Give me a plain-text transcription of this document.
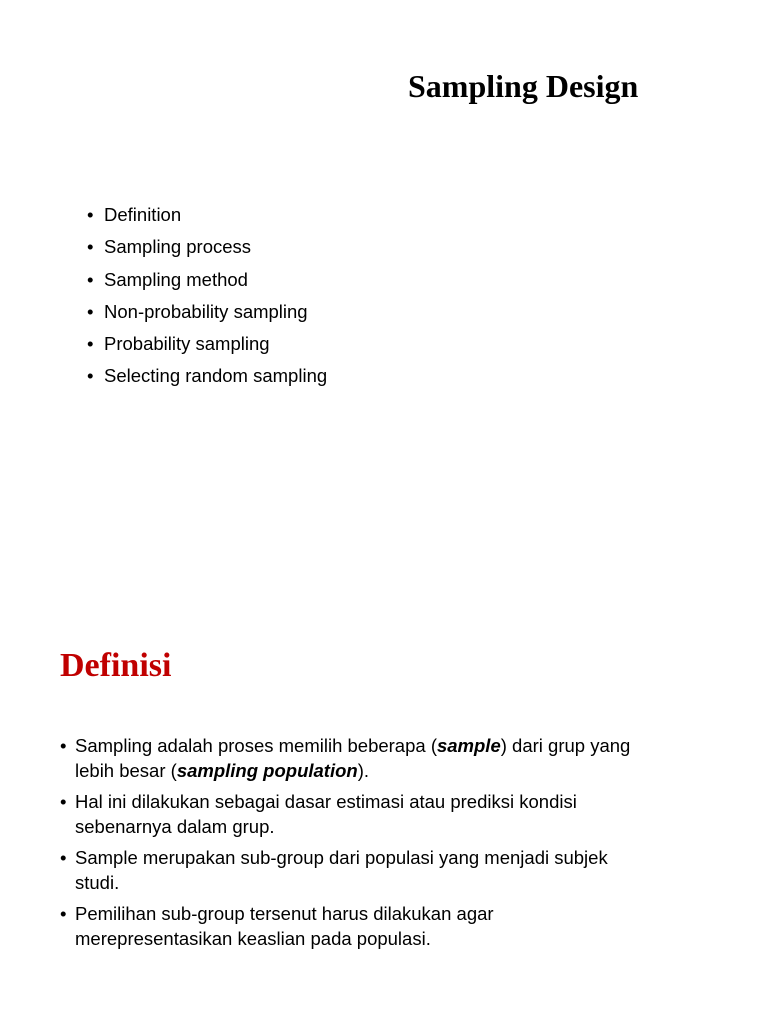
Sampling Design
• Definition
• Sampling process
• Sampling method
• Non-probability sampling
• Probability sampling
• Selecting random sampling
Definisi
• Sampling adalah proses memilih beberapa (sample) dari grup yang
lebih besar (sampling population).
• Hal ini dilakukan sebagai dasar estimasi atau prediksi kondisi
sebenarnya dalam grup.
• Sample merupakan sub-group dari populasi yang menjadi subjek
studi.
• Pemilihan sub-group tersenut harus dilakukan agar
merepresentasikan keaslian pada populasi.
